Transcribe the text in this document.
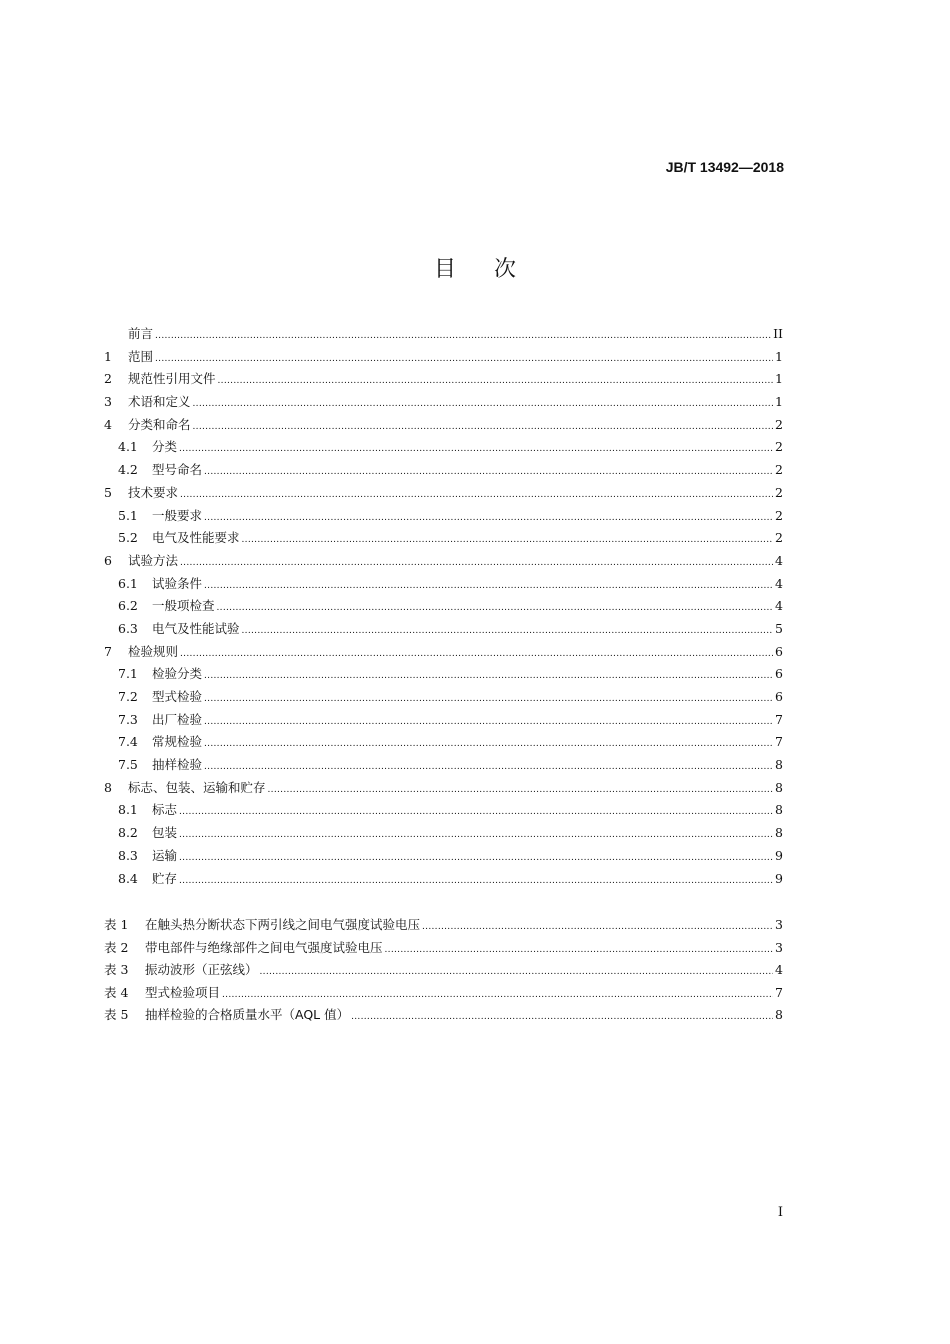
JB/T 13492—2018
目次
前言 .....	II
1	范围 .....	1
2	规范性引用文件 .....	1
3	术语和定义 .....	1
4	分类和命名 .....	2
4.1	分类 .....	2
4.2	型号命名 .....	2
5	技术要求 .....	2
5.1	一般要求 .....	2
5.2	电气及性能要求 .....	2
6	试验方法 .....	4
6.1	试验条件 .....	4
6.2	一般项检查 .....	4
6.3	电气及性能试验 .....	5
7	检验规则 .....	6
7.1	检验分类 .....	6
7.2	型式检验 .....	6
7.3	出厂检验 .....	7
7.4	常规检验 .....	7
7.5	抽样检验 .....	8
8	标志、包装、运输和贮存 .....	8
8.1	标志 .....	8
8.2	包装 .....	8
8.3	运输 .....	9
8.4	贮存 .....	9
表 1	在触头热分断状态下两引线之间电气强度试验电压 .....	3
表 2	带电部件与绝缘部件之间电气强度试验电压 .....	3
表 3	振动波形（正弦线） .....	4
表 4	型式检验项目 .....	7
表 5	抽样检验的合格质量水平（AQL 值） .....	8
I
